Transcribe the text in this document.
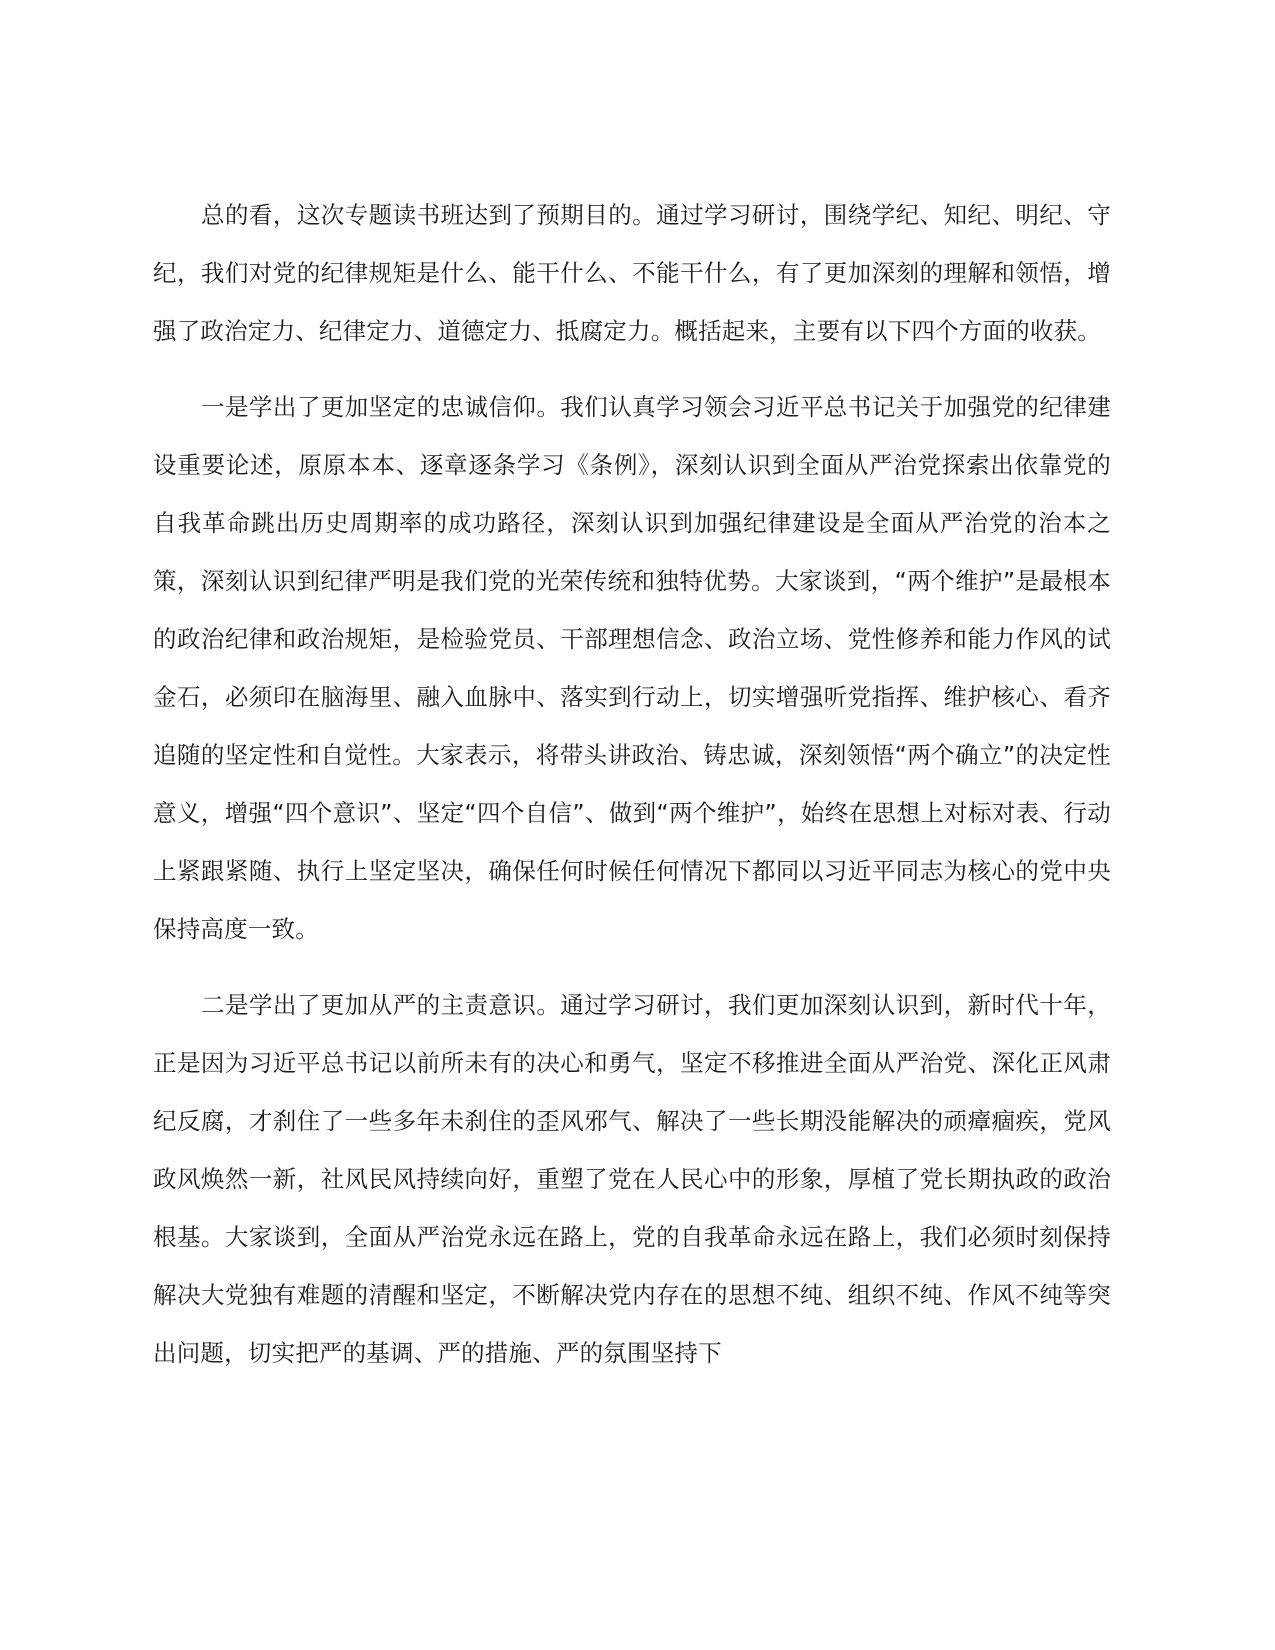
总的看，这次专题读书班达到了预期目的。通过学习研讨，围绕学纪、知纪、明纪、守纪，我们对党的纪律规矩是什么、能干什么、不能干什么，有了更加深刻的理解和领悟，增强了政治定力、纪律定力、道德定力、抵腐定力。概括起来，主要有以下四个方面的收获。

一是学出了更加坚定的忠诚信仰。我们认真学习领会习近平总书记关于加强党的纪律建设重要论述，原原本本、逐章逐条学习《条例》，深刻认识到全面从严治党探索出依靠党的自我革命跳出历史周期率的成功路径，深刻认识到加强纪律建设是全面从严治党的治本之策，深刻认识到纪律严明是我们党的光荣传统和独特优势。大家谈到，“两个维护”是最根本的政治纪律和政治规矩，是检验党员、干部理想信念、政治立场、党性修养和能力作风的试金石，必须印在脑海里、融入血脉中、落实到行动上，切实增强听党指挥、维护核心、看齐追随的坚定性和自觉性。大家表示，将带头讲政治、铸忠诚，深刻领悟“两个确立”的决定性意义，增强“四个意识”、坚定“四个自信”、做到“两个维护”，始终在思想上对标对表、行动上紧跟紧随、执行上坚定坚决，确保任何时候任何情况下都同以习近平同志为核心的党中央保持高度一致。

二是学出了更加从严的主责意识。通过学习研讨，我们更加深刻认识到，新时代十年，正是因为习近平总书记以前所未有的决心和勇气，坚定不移推进全面从严治党、深化正风肃纪反腐，才刹住了一些多年未刹住的歪风邪气、解决了一些长期没能解决的顽瘴痼疾，党风政风焕然一新，社风民风持续向好，重塑了党在人民心中的形象，厚植了党长期执政的政治根基。大家谈到，全面从严治党永远在路上，党的自我革命永远在路上，我们必须时刻保持解决大党独有难题的清醒和坚定，不断解决党内存在的思想不纯、组织不纯、作风不纯等突出问题，切实把严的基调、严的措施、严的氛围坚持下
